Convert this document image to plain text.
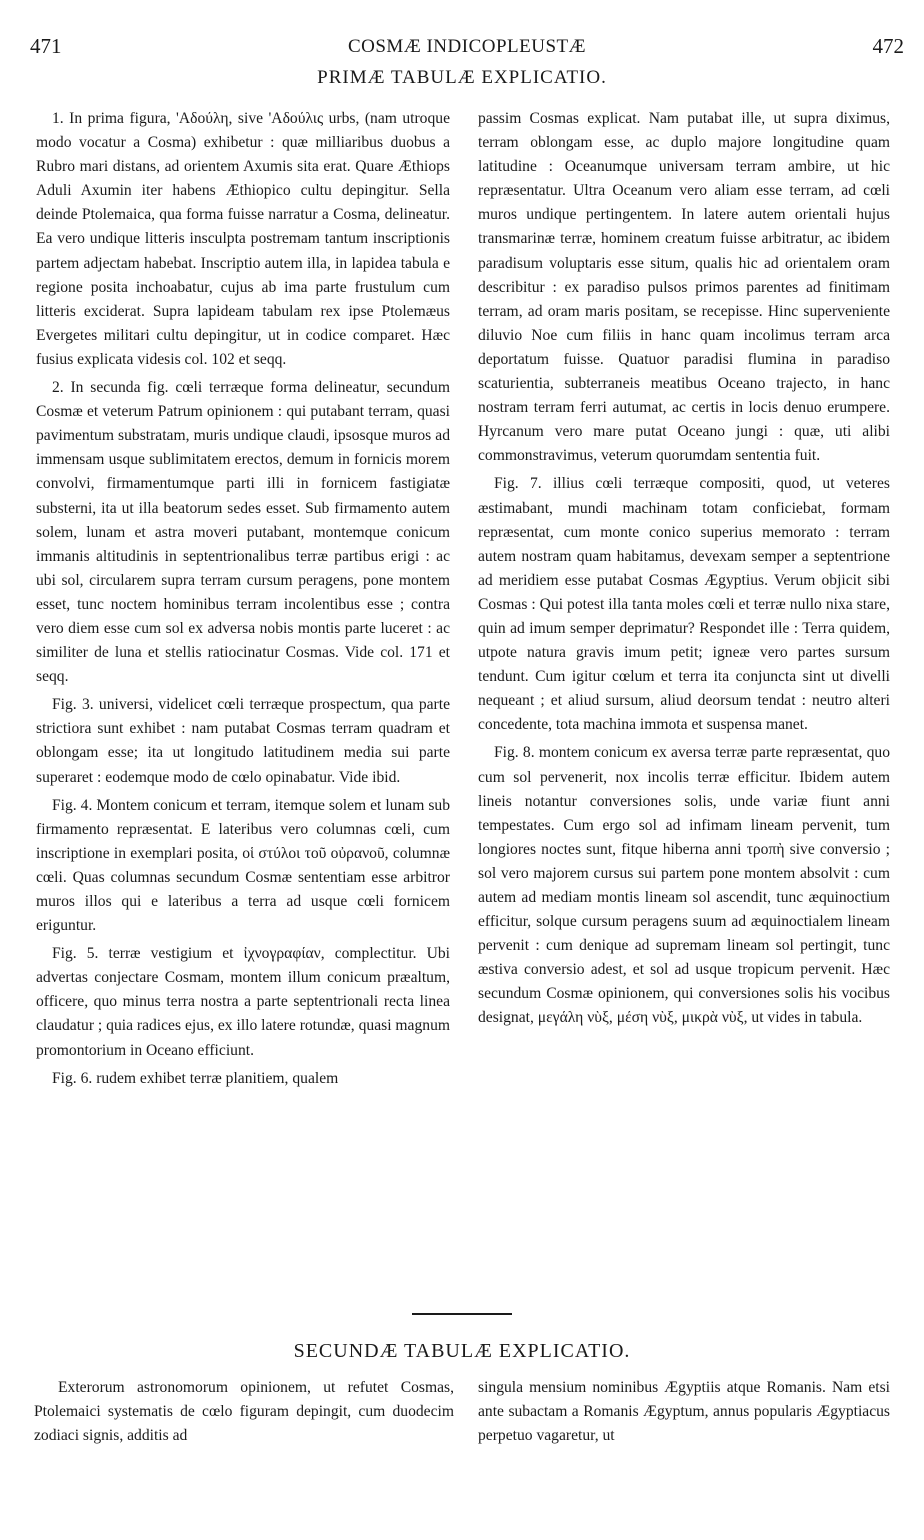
471	COSMÆ INDICOPLEUSTÆ	472
PRIMÆ TABULÆ EXPLICATIO.

1. In prima figura, 'Αδούλη, sive 'Αδούλις urbs, (nam utroque modo vocatur a Cosma) exhibetur : quæ milliaribus duobus a Rubro mari distans, ad orientem Axumis sita erat. Quare Æthiops Aduli Axumin iter habens Æthiopico cultu depingitur. Sella deinde Ptolemaica, qua forma fuisse narratur a Cosma, delineatur. Ea vero undique litteris insculpta postremam tantum inscriptionis partem adjectam habebat. Inscriptio autem illa, in lapidea tabula e regione posita inchoabatur, cujus ab ima parte frustulum cum litteris exciderat. Supra lapideam tabulam rex ipse Ptolemæus Evergetes militari cultu depingitur, ut in codice comparet. Hæc fusius explicata videsis col. 102 et seqq.

2. In secunda fig. cœli terræque forma delineatur, secundum Cosmæ et veterum Patrum opinionem : qui putabant terram, quasi pavimentum substratam, muris undique claudi, ipsosque muros ad immensam usque sublimitatem erectos, demum in fornicis morem convolvi, firmamentumque parti illi in fornicem fastigiatæ substerni, ita ut illa beatorum sedes esset. Sub firmamento autem solem, lunam et astra moveri putabant, montemque conicum immanis altitudinis in septentrionalibus terræ partibus erigi : ac ubi sol, circularem supra terram cursum peragens, pone montem esset, tunc noctem hominibus terram incolentibus esse ; contra vero diem esse cum sol ex adversa nobis montis parte luceret : ac similiter de luna et stellis ratiocinatur Cosmas. Vide col. 171 et seqq.

Fig. 3. universi, videlicet cœli terræque prospectum, qua parte strictiora sunt exhibet : nam putabat Cosmas terram quadram et oblongam esse; ita ut longitudo latitudinem media sui parte superaret : eodemque modo de cœlo opinabatur. Vide ibid.

Fig. 4. Montem conicum et terram, itemque solem et lunam sub firmamento repræsentat. E lateribus vero columnas cœli, cum inscriptione in exemplari posita, οἱ στύλοι τοῦ οὐρανοῦ, columnæ cœli. Quas columnas secundum Cosmæ sententiam esse arbitror muros illos qui e lateribus a terra ad usque cœli fornicem eriguntur.

Fig. 5. terræ vestigium et ἰχνογραφίαν, complectitur. Ubi advertas conjectare Cosmam, montem illum conicum præaltum, officere, quo minus terra nostra a parte septentrionali recta linea claudatur ; quia radices ejus, ex illo latere rotundæ, quasi magnum promontorium in Oceano efficiunt.

Fig. 6. rudem exhibet terræ planitiem, qualem

passim Cosmas explicat. Nam putabat ille, ut supra diximus, terram oblongam esse, ac duplo majore longitudine quam latitudine : Oceanumque universam terram ambire, ut hic repræsentatur. Ultra Oceanum vero aliam esse terram, ad cœli muros undique pertingentem. In latere autem orientali hujus transmarinæ terræ, hominem creatum fuisse arbitratur, ac ibidem paradisum voluptaris esse situm, qualis hic ad orientalem oram describitur : ex paradiso pulsos primos parentes ad finitimam terram, ad oram maris positam, se recepisse. Hinc superveniente diluvio Noe cum filiis in hanc quam incolimus terram arca deportatum fuisse. Quatuor paradisi flumina in paradiso scaturientia, subterraneis meatibus Oceano trajecto, in hanc nostram terram ferri autumat, ac certis in locis denuo erumpere. Hyrcanum vero mare putat Oceano jungi : quæ, uti alibi commonstravimus, veterum quorumdam sententia fuit.

Fig. 7. illius cœli terræque compositi, quod, ut veteres æstimabant, mundi machinam totam conficiebat, formam repræsentat, cum monte conico superius memorato : terram autem nostram quam habitamus, devexam semper a septentrione ad meridiem esse putabat Cosmas Ægyptius. Verum objicit sibi Cosmas : Qui potest illa tanta moles cœli et terræ nullo nixa stare, quin ad imum semper deprimatur? Respondet ille : Terra quidem, utpote natura gravis imum petit; igneæ vero partes sursum tendunt. Cum igitur cœlum et terra ita conjuncta sint ut divelli nequeant ; et aliud sursum, aliud deorsum tendat : neutro alteri concedente, tota machina immota et suspensa manet.

Fig. 8. montem conicum ex aversa terræ parte repræsentat, quo cum sol pervenerit, nox incolis terræ efficitur. Ibidem autem lineis notantur conversiones solis, unde variæ fiunt anni tempestates. Cum ergo sol ad infimam lineam pervenit, tum longiores noctes sunt, fitque hiberna anni τροπὴ sive conversio ; sol vero majorem cursus sui partem pone montem absolvit : cum autem ad mediam montis lineam sol ascendit, tunc æquinoctium efficitur, solque cursum peragens suum ad æquinoctialem lineam pervenit : cum denique ad supremam lineam sol pertingit, tunc æstiva conversio adest, et sol ad usque tropicum pervenit. Hæc secundum Cosmæ opinionem, qui conversiones solis his vocibus designat, μεγάλη νὺξ, μέση νὺξ, μικρὰ νὺξ, ut vides in tabula.

SECUNDÆ TABULÆ EXPLICATIO.

Exterorum astronomorum opinionem, ut refutet Cosmas, Ptolemaici systematis de cœlo figuram depingit, cum duodecim zodiaci signis, additis ad

singula mensium nominibus Ægyptiis atque Romanis. Nam etsi ante subactam a Romanis Ægyptum, annus popularis Ægyptiacus perpetuo vagaretur, ut
